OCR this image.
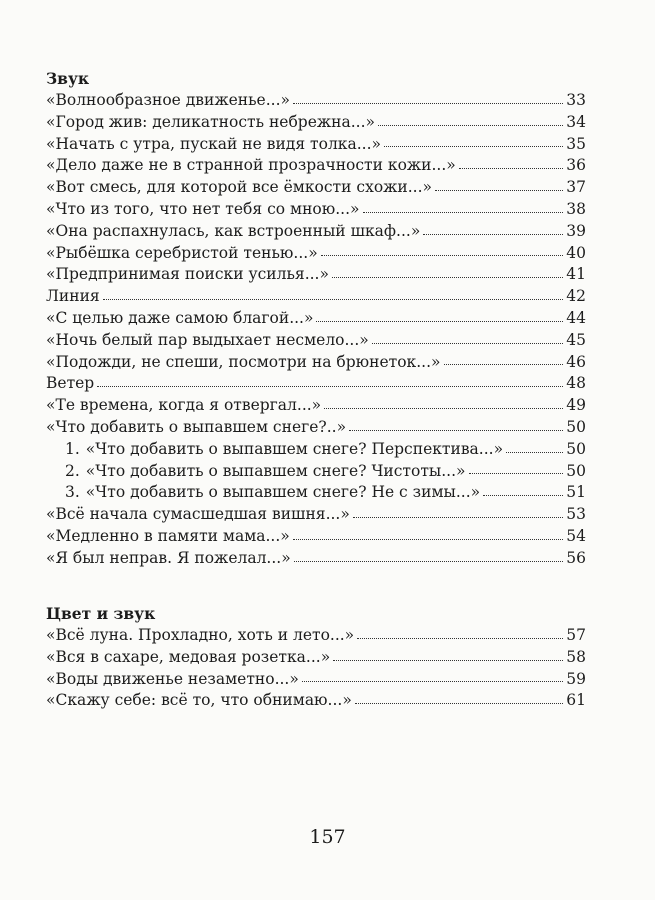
Звук
«Волнообразное движенье...»	33
«Город жив: деликатность небрежна...»	34
«Начать с утра, пускай не видя толка...»	35
«Дело даже не в странной прозрачности кожи...»	36
«Вот смесь, для которой все ёмкости схожи...»	37
«Что из того, что нет тебя со мною...»	38
«Она распахнулась, как встроенный шкаф...»	39
«Рыбёшка серебристой тенью...»	40
«Предпринимая поиски усилья...»	41
Линия	42
«С целью даже самою благой...»	44
«Ночь белый пар выдыхает несмело...»	45
«Подожди, не спеши, посмотри на брюнеток...»	46
Ветер	48
«Те времена, когда я отвергал...»	49
«Что добавить о выпавшем снеге?..»	50
1. «Что добавить о выпавшем снеге? Перспектива...»	50
2. «Что добавить о выпавшем снеге? Чистоты...»	50
3. «Что добавить о выпавшем снеге? Не с зимы...»	51
«Всё начала сумасшедшая вишня...»	53
«Медленно в памяти мама...»	54
«Я был неправ. Я пожелал...»	56
Цвет и звук
«Всё луна. Прохладно, хоть и лето...»	57
«Вся в сахаре, медовая розетка...»	58
«Воды движенье незаметно...»	59
«Скажу себе: всё то, что обнимаю...»	61
157
